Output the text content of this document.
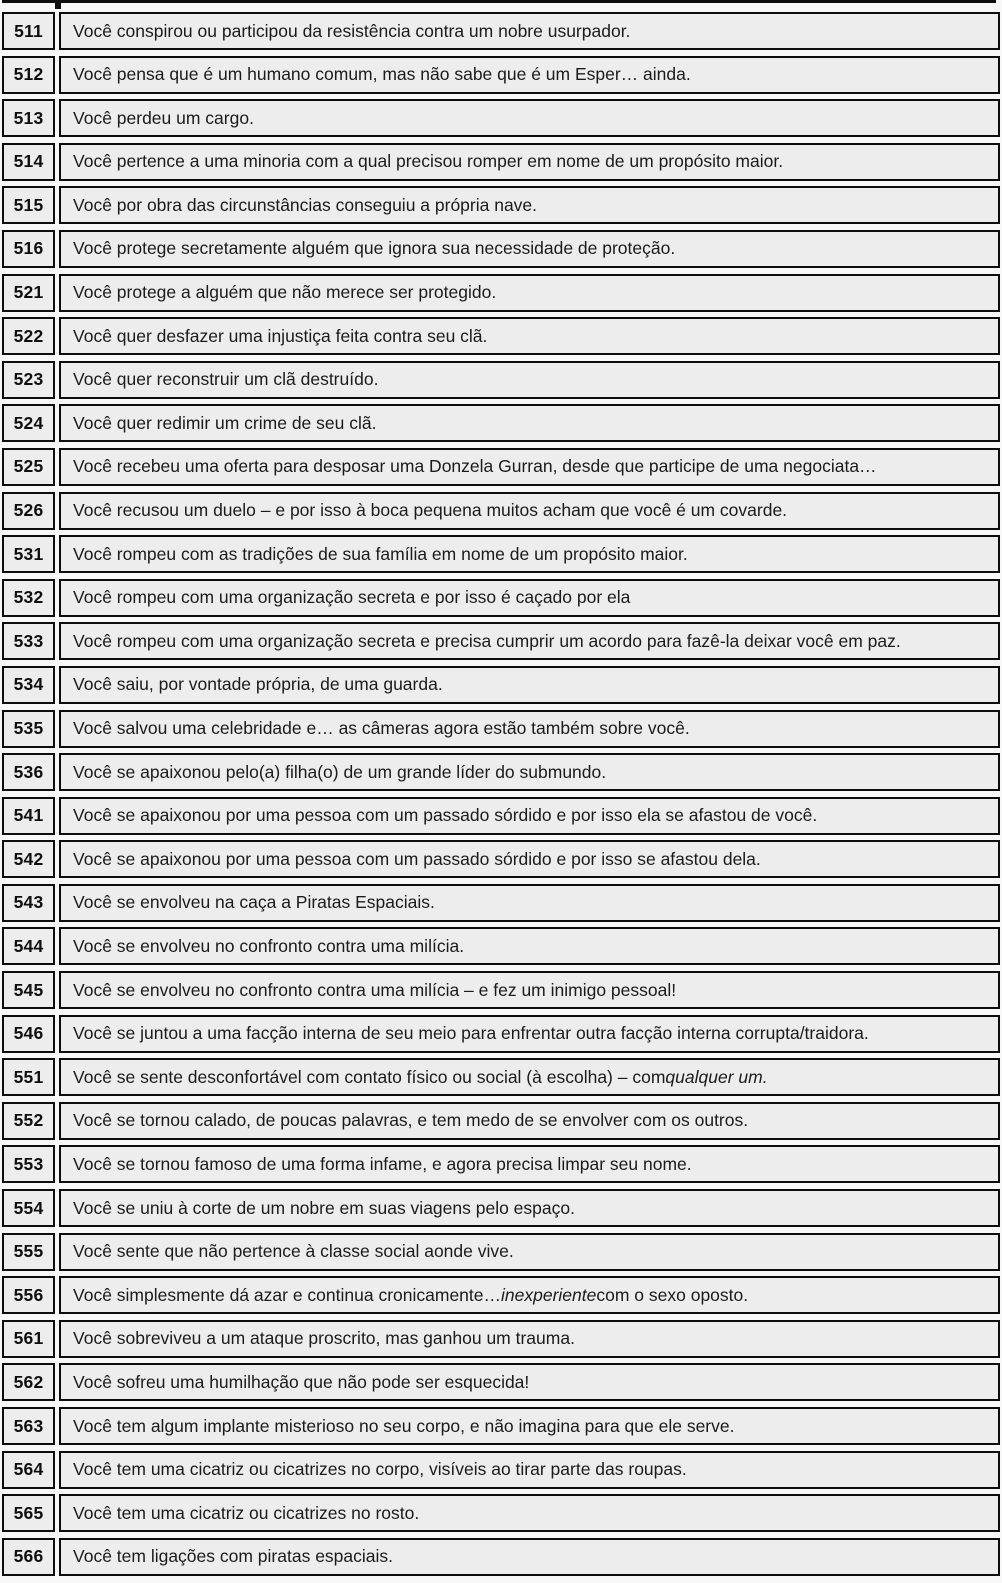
511	Você conspirou ou participou da resistência contra um nobre usurpador.
512	Você pensa que é um humano comum, mas não sabe que é um Esper… ainda.
513	Você perdeu um cargo.
514	Você pertence a uma minoria com a qual precisou romper em nome de um propósito maior.
515	Você por obra das circunstâncias conseguiu a própria nave.
516	Você protege secretamente alguém que ignora sua necessidade de proteção.
521	Você protege a alguém que não merece ser protegido.
522	Você quer desfazer uma injustiça feita contra seu clã.
523	Você quer reconstruir um clã destruído.
524	Você quer redimir um crime de seu clã.
525	Você recebeu uma oferta para desposar uma Donzela Gurran, desde que participe de uma negociata…
526	Você recusou um duelo – e por isso à boca pequena muitos acham que você é um covarde.
531	Você rompeu com as tradições de sua família em nome de um propósito maior.
532	Você rompeu com uma organização secreta e por isso é caçado por ela
533	Você rompeu com uma organização secreta e precisa cumprir um acordo para fazê-la deixar você em paz.
534	Você saiu, por vontade própria, de uma guarda.
535	Você salvou uma celebridade e… as câmeras agora estão também sobre você.
536	Você se apaixonou pelo(a) filha(o) de um grande líder do submundo.
541	Você se apaixonou por uma pessoa com um passado sórdido e por isso ela se afastou de você.
542	Você se apaixonou por uma pessoa com um passado sórdido e por isso se afastou dela.
543	Você se envolveu na caça a Piratas Espaciais.
544	Você se envolveu no confronto contra uma milícia.
545	Você se envolveu no confronto contra uma milícia – e fez um inimigo pessoal!
546	Você se juntou a uma facção interna de seu meio para enfrentar outra facção interna corrupta/traidora.
551	Você se sente desconfortável com contato físico ou social (à escolha) – com qualquer um.
552	Você se tornou calado, de poucas palavras, e tem medo de se envolver com os outros.
553	Você se tornou famoso de uma forma infame, e agora precisa limpar seu nome.
554	Você se uniu à corte de um nobre em suas viagens pelo espaço.
555	Você sente que não pertence à classe social aonde vive.
556	Você simplesmente dá azar e continua cronicamente… inexperiente com o sexo oposto.
561	Você sobreviveu a um ataque proscrito, mas ganhou um trauma.
562	Você sofreu uma humilhação que não pode ser esquecida!
563	Você tem algum implante misterioso no seu corpo, e não imagina para que ele serve.
564	Você tem uma cicatriz ou cicatrizes no corpo, visíveis ao tirar parte das roupas.
565	Você tem uma cicatriz ou cicatrizes no rosto.
566	Você tem ligações com piratas espaciais.
